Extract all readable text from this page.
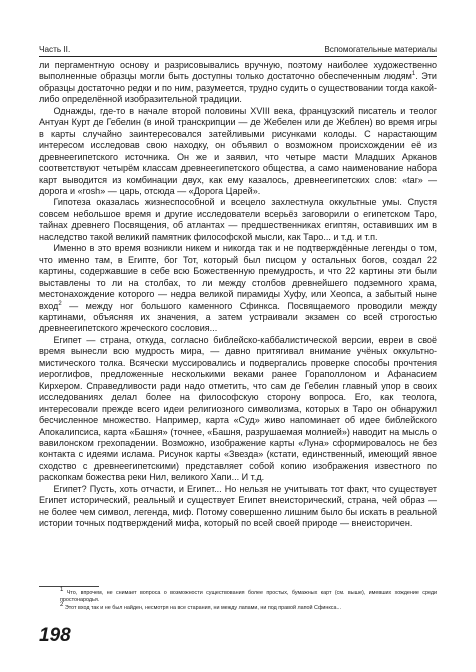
Часть II.	Вспомогательные материалы

ли пергаментную основу и разрисовывались вручную, поэтому наиболее художественно выполненные образцы могли быть доступны только достаточно обеспеченным людям$^1$. Эти образцы достаточно редки и по ним, разумеется, трудно судить о существовании тогда какой-либо определённой изобразительной традиции.

Однажды, где-то в начале второй половины XVIII века, французский писатель и теолог Антуан Курт де Гебелин (в иной транскрипции — де Жебелен или де Жеблен) во время игры в карты случайно заинтересовался затейливыми рисунками колоды. С нарастающим интересом исследовав свою находку, он объявил о возможном происхождении её из древнеегипетского источника. Он же и заявил, что четыре масти Младших Арканов соответствуют четырём классам древнеегипетского общества, а само наименование набора карт выводится из комбинации двух, как ему казалось, древнеегипетских слов: «tar» — дорога и «rosh» — царь, отсюда — «Дорога Царей».

Гипотеза оказалась жизнеспособной и всецело захлестнула оккультные умы. Спустя совсем небольшое время и другие исследователи всерьёз заговорили о египетском Таро, тайнах древнего Посвящения, об атлантах — предшественниках египтян, оставивших им в наследство такой великий памятник философской мысли, как Таро... и т.д. и т.п.

Именно в это время возникли никем и никогда так и не подтверждённые легенды о том, что именно там, в Египте, бог Тот, который был писцом у остальных богов, создал 22 картины, содержавшие в себе всю Божественную премудрость, и что 22 картины эти были выставлены то ли на столбах, то ли между столбов древнейшего подземного храма, местонахождение которого — недра великой пирамиды Хуфу, или Хеопса, а забытый ныне вход$^2$ — между ног большого каменного Сфинкса. Посвящаемого проводили между картинами, объясняя их значения, а затем устраивали экзамен со всей строгостью древнеегипетского жреческого сословия...

Египет — страна, откуда, согласно библейско-каббалистической версии, евреи в своё время вынесли всю мудрость мира, — давно притягивал внимание учёных оккультно-мистического толка. Всячески муссировались и подвергались проверке способы прочтения иероглифов, предложенные несколькими веками ранее Гораполлоном и Афанасием Кирхером. Справедливости ради надо отметить, что сам де Гебелин главный упор в своих исследованиях делал более на философскую сторону вопроса. Его, как теолога, интересовали прежде всего идеи религиозного символизма, которых в Таро он обнаружил бесчисленное множество. Например, карта «Суд» живо напоминает об идее библейского Апокалипсиса, карта «Башня» (точнее, «Башня, разрушаемая молнией») наводит на мысль о вавилонском грехопадении. Возможно, изображение карты «Луна» сформировалось не без контакта с идеями ислама. Рисунок карты «Звезда» (кстати, единственный, имеющий явное сходство с древнеегипетскими) представляет собой копию изображения известного по раскопкам божества реки Нил, великого Хапи... И т.д.

Египет? Пусть, хоть отчасти, и Египет... Но нельзя не учитывать тот факт, что существует Египет исторический, реальный и существует Египет внеисторический, страна, чей образ — не более чем символ, легенда, миф. Потому совершенно лишним было бы искать в реальной истории точных подтверждений мифа, который по всей своей природе — внеисторичен.

$^1$ Что, впрочем, не снимает вопроса о возможности существования более простых, бумажных карт (см. выше), имевших хождение среди простонародья.

$^2$ Этот вход так и не был найден, несмотря на все старания, ни между лапами, ни под правой лапой Сфинкса...

198
